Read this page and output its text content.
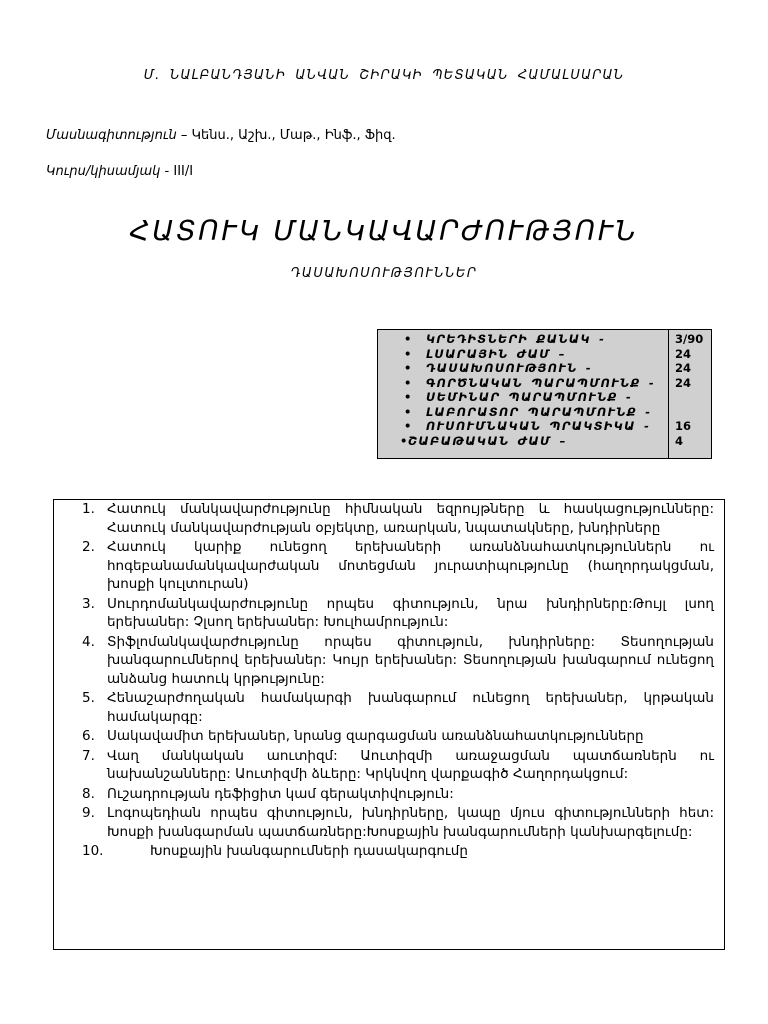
Մ. ՆԱԼԲԱՆԴՅԱՆԻ ԱՆՎԱՆ ՇԻՐԱԿԻ ՊԵՏԱԿԱՆ ՀԱՄԱԼՍԱՐԱՆ
Մասնագիտություն – Կենս., Աշխ., Մաթ., Ինֆ., Ֆիզ.
Կուրս/կիսամյակ - III/I
ՀԱՏՈՒԿ ՄԱՆԿԱՎԱՐԺՈՒԹՅՈՒՆ
ԴԱՍԱԽՈՍՈՒԹՅՈՒՆՆԵՐ
• ԿՐԵԴԻՏՆԵՐԻ ՔԱՆԱԿ -
• ԼՍԱՐԱՅԻՆ ԺԱՄ –
• ԴԱՍԱԽՈՍՈՒԹՅՈՒՆ -
• ԳՈՐԾՆԱԿԱՆ ՊԱՐԱՊՄՈՒՆՔ -
• ՍԵՄԻՆԱՐ ՊԱՐԱՊՄՈՒՆՔ -
• ԼԱԲՈՐԱՏՈՐ ՊԱՐԱՊՄՈՒՆՔ -
• ՈՒՍՈՒՄՆԱԿԱՆ ՊՐԱԿՏԻԿԱ -
• ՇԱԲԱԹԱԿԱՆ ԺԱՄ –
3/90
24
24
24
16
4
1. Հատուկ մանկավարժությունը հիմնական եզրույթները և հասկացությունները: Հատուկ մանկավարժության օբյեկտը, առարկան, նպատակները, խնդիրները
2. Հատուկ կարիք ունեցող երեխաների առանձնահատկություններն ու հոգեբանամանկավարժական մոտեցման յուրատիպությունը (հաղորդակցման, խոսքի կուլտուրան)
3. Սուրդոմանկավարժությունը որպես գիտություն, նրա խնդիրները:Թույլ լսող երեխաներ: Չլսող երեխաներ: Խուլհամրություն:
4. Տիֆլոմանկավարժությունը որպես գիտություն, խնդիրները: Տեսողության խանգարումներով երեխաներ: Կույր երեխաներ: Տեսողության խանգարում ունեցող անձանց հատուկ կրթությունը:
5. Հենաշարժողական համակարգի խանգարում ունեցող երեխաներ, կրթական համակարգը:
6. Սակավամիտ երեխաներ, նրանց զարգացման առանձնահատկությունները
7. Վաղ մանկական աուտիզմ: Աուտիզմի առաջացման պատճառներն ու նախանշանները: Աուտիզմի ձևերը: Կրկնվող վարքագիծ Հաղորդակցում:
8. Ուշադրության դեֆիցիտ կամ գերակտիվություն:
9. Լոգոպեդիան որպես գիտություն, խնդիրները, կապը մյուս գիտությունների հետ: Խոսքի խանգարման պատճառները:Խոսքային խանգարումների կանխարգելումը:
10.	Խոսքային խանգարումների դասակարգումը
